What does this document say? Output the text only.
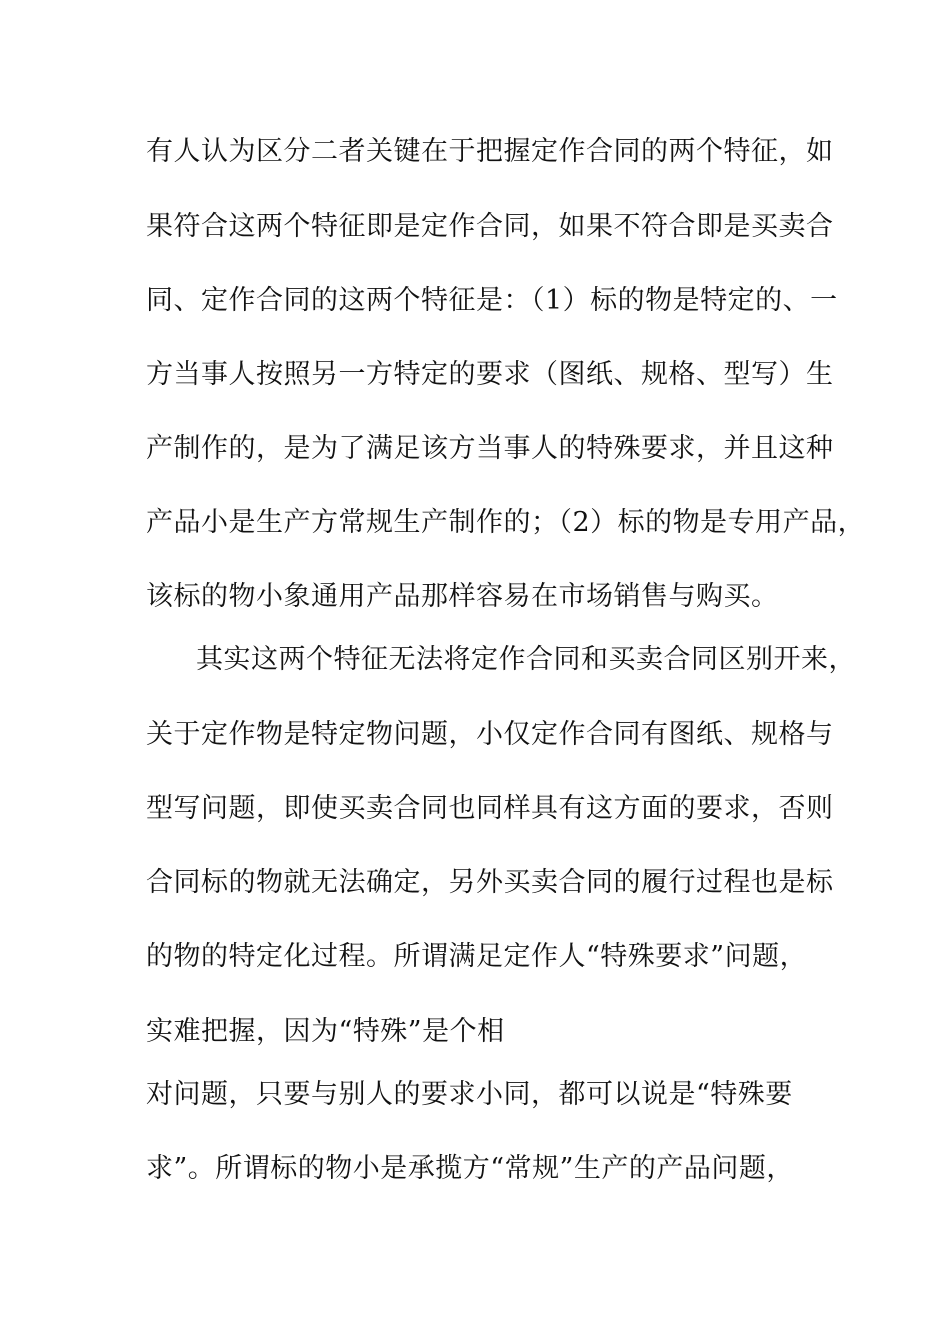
有人认为区分二者关键在于把握定作合同的两个特征，如
果符合这两个特征即是定作合同，如果不符合即是买卖合
同、定作合同的这两个特征是：（1）标的物是特定的、一
方当事人按照另一方特定的要求（图纸、规格、型写）生
产制作的，是为了满足该方当事人的特殊要求，并且这种
产品小是生产方常规生产制作的；（2）标的物是专用产品，
该标的物小象通用产品那样容易在市场销售与购买。
其实这两个特征无法将定作合同和买卖合同区别开来，
关于定作物是特定物问题，小仅定作合同有图纸、规格与
型写问题，即使买卖合同也同样具有这方面的要求，否则
合同标的物就无法确定，另外买卖合同的履行过程也是标
的物的特定化过程。所谓满足定作人“特殊要求”问题，
实难把握，因为“特殊”是个相
对问题，只要与别人的要求小同，都可以说是“特殊要
求”。所谓标的物小是承揽方“常规”生产的产品问题，
